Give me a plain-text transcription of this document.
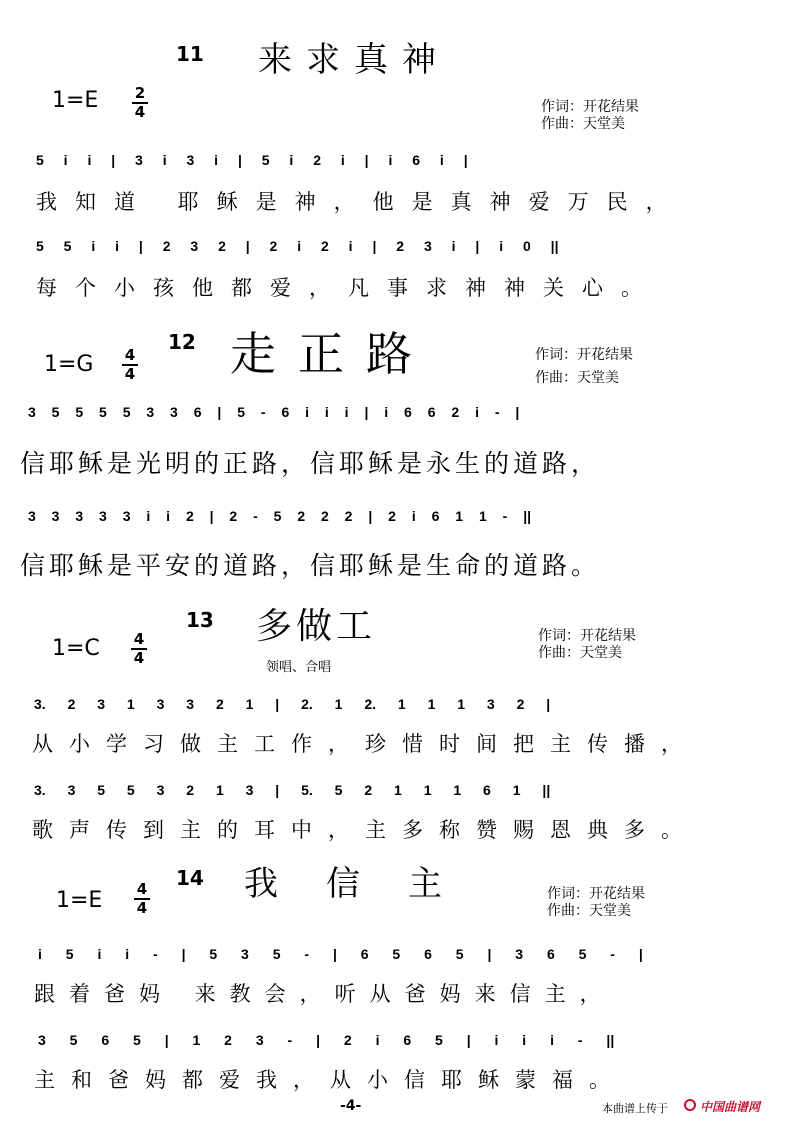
11 来求真神
1=E 2
4	作词：开花结果
作曲：天堂美
5 i i | 3 i 3 i | 5 i 2 i | i 6 i |
我知道 耶稣是神，他是真神爱万民，
5 5 i i | 2 3 2 | 2 i 2 i | 2 3 i | i 0 ||
每个小孩他都爱，凡事求神神关心。
12 走正路
1=G 4
4
作词：开花结果
作曲：天堂美
3 5 5 5 5 3 3 6 | 5 - 6 i i i | i 6 6 2 i - |
信耶稣是光明的正路，信耶稣是永生的道路，
3 3 3 3 3 i i 2 | 2 - 5 2 2 2 | 2 i 6 1 1 - ||
信耶稣是平安的道路，信耶稣是生命的道路。
13 多做工
领唱、合唱
1=C 4
4
作词：开花结果
作曲：天堂美
3. 2 3 1 3 3 2 1 | 2. 1 2. 1 1 1 3 2 |
从小学习做主工作，珍惜时间把主传播，
3. 3 5 5 3 2 1 3 | 5. 5 2 1 1 1 6 1 ||
歌声传到主的耳中，主多称赞赐恩典多。
14 我信主
1=E 4
4
作词：开花结果
作曲：天堂美
i 5 i i - | 5 3 5 - | 6 5 6 5 | 3 6 5 - |
跟着爸妈 来教会，听从爸妈来信主，
3 5 6 5 | 1 2 3 - | 2 i 6 5 | i i i - ||
主和爸妈都爱我，从小信耶稣蒙福。
-4-	本曲谱上传于	中国曲谱网
